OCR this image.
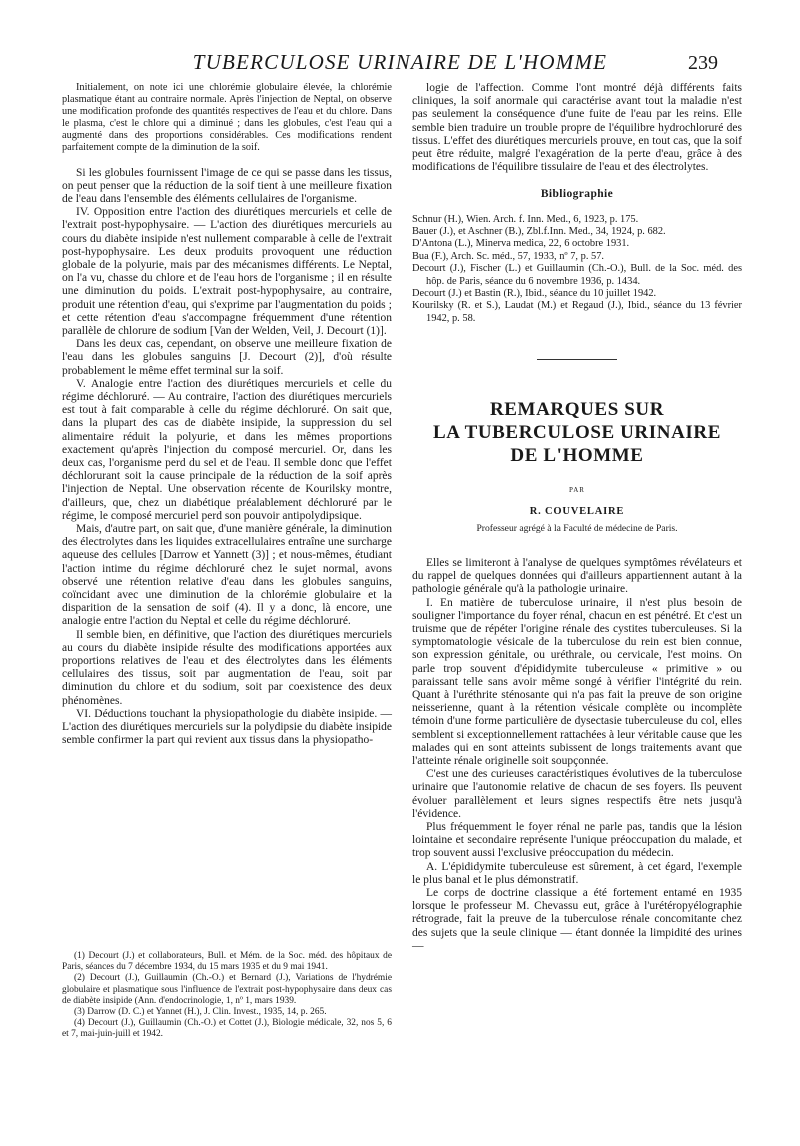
TUBERCULOSE URINAIRE DE L'HOMME	239

Initialement, on note ici une chlorémie globulaire élevée, la chlorémie plasmatique étant au contraire normale. Après l'injection de Neptal, on observe une modification profonde des quantités respectives de l'eau et du chlore. Dans le plasma, c'est le chlore qui a diminué ; dans les globules, c'est l'eau qui a augmenté dans des proportions considérables. Ces modifications rendent parfaitement compte de la diminution de la soif.

Si les globules fournissent l'image de ce qui se passe dans les tissus, on peut penser que la réduction de la soif tient à une meilleure fixation de l'eau dans l'ensemble des éléments cellulaires de l'organisme.

IV. Opposition entre l'action des diurétiques mercuriels et celle de l'extrait post-hypophysaire. — L'action des diurétiques mercuriels au cours du diabète insipide n'est nullement comparable à celle de l'extrait post-hypophysaire. Les deux produits provoquent une réduction globale de la polyurie, mais par des mécanismes différents. Le Neptal, on l'a vu, chasse du chlore et de l'eau hors de l'organisme ; il en résulte une diminution du poids. L'extrait post-hypophysaire, au contraire, produit une rétention d'eau, qui s'exprime par l'augmentation du poids ; et cette rétention d'eau s'accompagne fréquemment d'une rétention parallèle de chlorure de sodium [Van der Welden, Veil, J. Decourt (1)].

Dans les deux cas, cependant, on observe une meilleure fixation de l'eau dans les globules sanguins [J. Decourt (2)], d'où résulte probablement le même effet terminal sur la soif.

V. Analogie entre l'action des diurétiques mercuriels et celle du régime déchloruré. — Au contraire, l'action des diurétiques mercuriels est tout à fait comparable à celle du régime déchloruré. On sait que, dans la plupart des cas de diabète insipide, la suppression du sel alimentaire réduit la polyurie, et dans les mêmes proportions exactement qu'après l'injection du composé mercuriel. Or, dans les deux cas, l'organisme perd du sel et de l'eau. Il semble donc que l'effet déchlorurant soit la cause principale de la réduction de la soif après l'injection de Neptal. Une observation récente de Kourilsky montre, d'ailleurs, que, chez un diabétique préalablement déchloruré par le régime, le composé mercuriel perd son pouvoir antipolydipsique.

Mais, d'autre part, on sait que, d'une manière générale, la diminution des électrolytes dans les liquides extracellulaires entraîne une surcharge aqueuse des cellules [Darrow et Yannett (3)] ; et nous-mêmes, étudiant l'action intime du régime déchloruré chez le sujet normal, avons observé une rétention relative d'eau dans les globules sanguins, coïncidant avec une diminution de la chlorémie globulaire et la disparition de la sensation de soif (4). Il y a donc, là encore, une analogie entre l'action du Neptal et celle du régime déchloruré.

Il semble bien, en définitive, que l'action des diurétiques mercuriels au cours du diabète insipide résulte des modifications apportées aux proportions relatives de l'eau et des électrolytes dans les éléments cellulaires des tissus, soit par augmentation de l'eau, soit par diminution du chlore et du sodium, soit par coexistence des deux phénomènes.

VI. Déductions touchant la physiopathologie du diabète insipide. — L'action des diurétiques mercuriels sur la polydipsie du diabète insipide semble confirmer la part qui revient aux tissus dans la physiopatho-

(1) Decourt (J.) et collaborateurs, Bull. et Mém. de la Soc. méd. des hôpitaux de Paris, séances du 7 décembre 1934, du 15 mars 1935 et du 9 mai 1941.

(2) Decourt (J.), Guillaumin (Ch.-O.) et Bernard (J.), Variations de l'hydrémie globulaire et plasmatique sous l'influence de l'extrait post-hypophysaire dans deux cas de diabète insipide (Ann. d'endocrinologie, 1, nº 1, mars 1939.

(3) Darrow (D. C.) et Yannet (H.), J. Clin. Invest., 1935, 14, p. 265.

(4) Decourt (J.), Guillaumin (Ch.-O.) et Cottet (J.), Biologie médicale, 32, nos 5, 6 et 7, mai-juin-juill et 1942.

logie de l'affection. Comme l'ont montré déjà différents faits cliniques, la soif anormale qui caractérise avant tout la maladie n'est pas seulement la conséquence d'une fuite de l'eau par les reins. Elle semble bien traduire un trouble propre de l'équilibre hydrochloruré des tissus. L'effet des diurétiques mercuriels prouve, en tout cas, que la soif peut être réduite, malgré l'exagération de la perte d'eau, grâce à des modifications de l'équilibre tissulaire de l'eau et des électrolytes.

Bibliographie

Schnur (H.), Wien. Arch. f. Inn. Med., 6, 1923, p. 175.

Bauer (J.), et Aschner (B.), Zbl.f.Inn. Med., 34, 1924, p. 682.

D'Antona (L.), Minerva medica, 22, 6 octobre 1931.

Bua (F.), Arch. Sc. méd., 57, 1933, nº 7, p. 57.

Decourt (J.), Fischer (L.) et Guillaumin (Ch.-O.), Bull. de la Soc. méd. des hôp. de Paris, séance du 6 novembre 1936, p. 1434.

Decourt (J.) et Bastin (R.), Ibid., séance du 10 juillet 1942.

Kourilsky (R. et S.), Laudat (M.) et Regaud (J.), Ibid., séance du 13 février 1942, p. 58.

REMARQUES SUR
LA TUBERCULOSE URINAIRE
DE L'HOMME
PAR
R. COUVELAIRE
Professeur agrégé à la Faculté de médecine de Paris.

Elles se limiteront à l'analyse de quelques symptômes révélateurs et du rappel de quelques données qui d'ailleurs appartiennent autant à la pathologie générale qu'à la pathologie urinaire.

I. En matière de tuberculose urinaire, il n'est plus besoin de souligner l'importance du foyer rénal, chacun en est pénétré. Et c'est un truisme que de répéter l'origine rénale des cystites tuberculeuses. Si la symptomatologie vésicale de la tuberculose du rein est bien connue, son expression génitale, ou uréthrale, ou cervicale, l'est moins. On parle trop souvent d'épididymite tuberculeuse « primitive » ou paraissant telle sans avoir même songé à vérifier l'intégrité du rein. Quant à l'uréthrite sténosante qui n'a pas fait la preuve de son origine neisserienne, quant à la rétention vésicale complète ou incomplète témoin d'une forme particulière de dysectasie tuberculeuse du col, elles semblent si exceptionnellement rattachées à leur véritable cause que les malades qui en sont atteints subissent de longs traitements avant que l'atteinte rénale originelle soit soupçonnée.

C'est une des curieuses caractéristiques évolutives de la tuberculose urinaire que l'autonomie relative de chacun de ses foyers. Ils peuvent évoluer parallèlement et leurs signes respectifs être nets jusqu'à l'évidence.

Plus fréquemment le foyer rénal ne parle pas, tandis que la lésion lointaine et secondaire représente l'unique préoccupation du malade, et trop souvent aussi l'exclusive préoccupation du médecin.

A. L'épididymite tuberculeuse est sûrement, à cet égard, l'exemple le plus banal et le plus démonstratif.

Le corps de doctrine classique a été fortement entamé en 1935 lorsque le professeur M. Chevassu eut, grâce à l'urétéropyélographie rétrograde, fait la preuve de la tuberculose rénale concomitante chez des sujets que la seule clinique — étant donnée la limpidité des urines —
